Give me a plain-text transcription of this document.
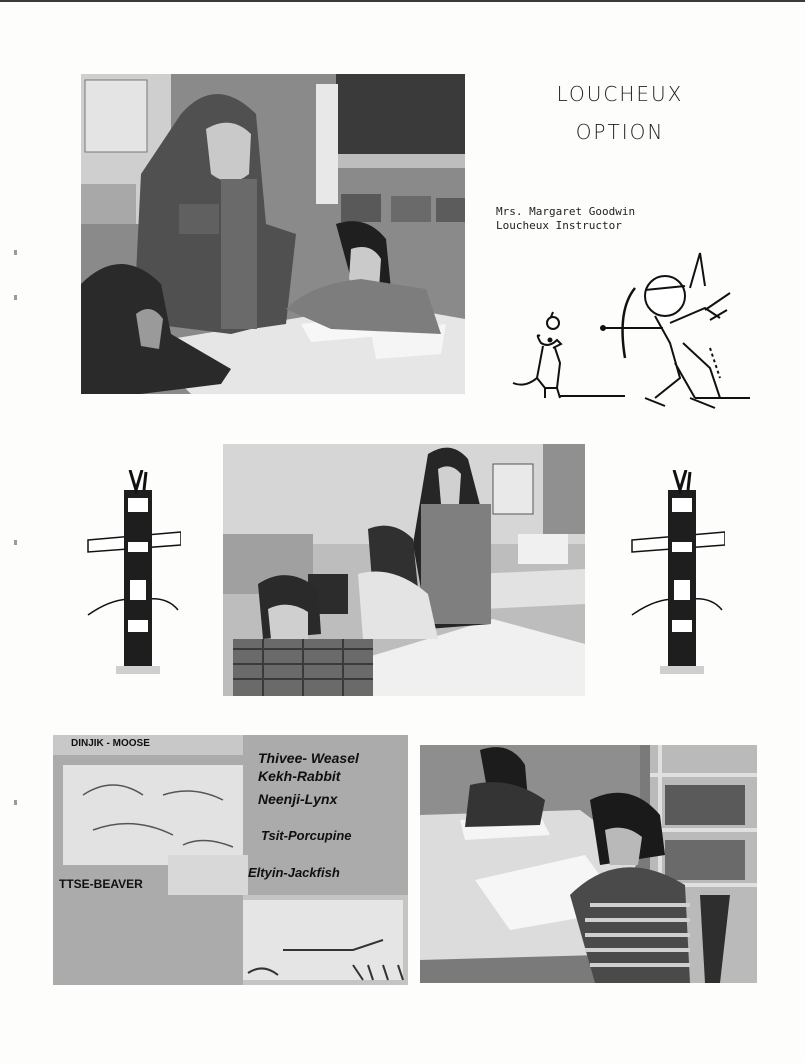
LOUCHEUX
OPTION
Mrs. Margaret Goodwin
Loucheux Instructor
DINJIK - MOOSE
Thivee- Weasel
Kekh-Rabbit
Neenji-Lynx
Tsit-Porcupine
TTSE-BEAVER
Eltyin-Jackfish
